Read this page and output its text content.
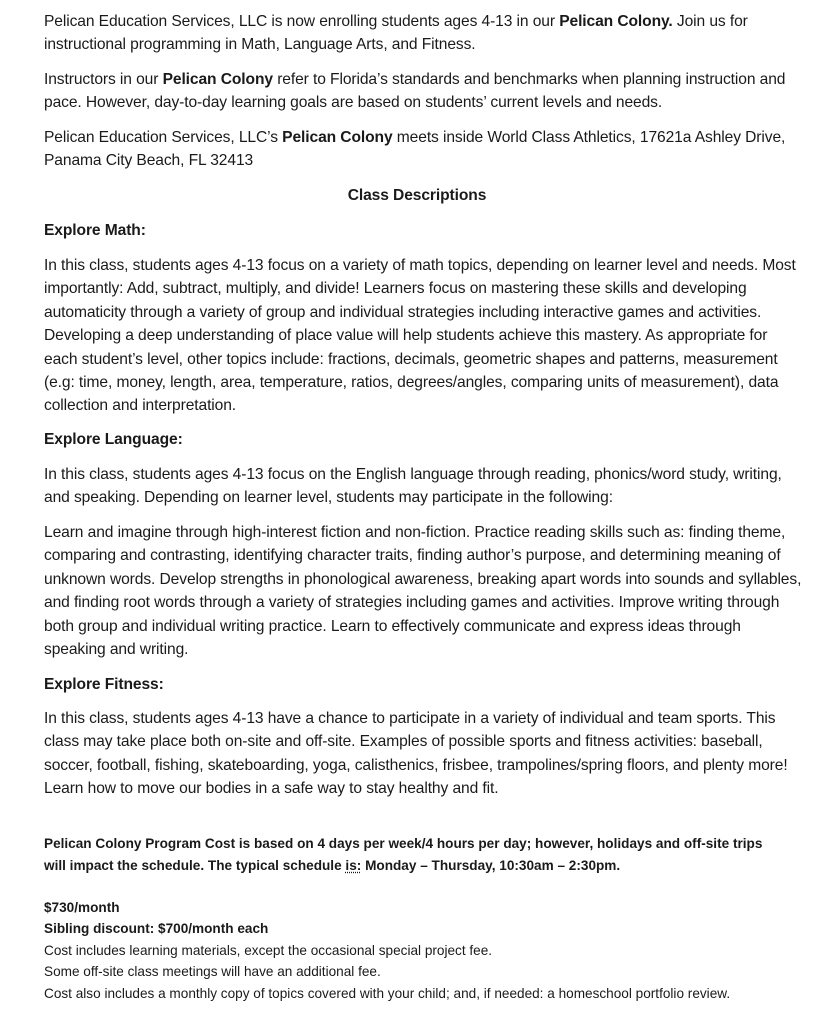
Pelican Education Services, LLC is now enrolling students ages 4-13 in our Pelican Colony. Join us for instructional programming in Math, Language Arts, and Fitness.

Instructors in our Pelican Colony refer to Florida’s standards and benchmarks when planning instruction and pace. However, day-to-day learning goals are based on students’ current levels and needs.

Pelican Education Services, LLC’s Pelican Colony meets inside World Class Athletics, 17621a Ashley Drive, Panama City Beach, FL 32413

Class Descriptions

Explore Math:

In this class, students ages 4-13 focus on a variety of math topics, depending on learner level and needs. Most importantly: Add, subtract, multiply, and divide! Learners focus on mastering these skills and developing automaticity through a variety of group and individual strategies including interactive games and activities. Developing a deep understanding of place value will help students achieve this mastery. As appropriate for each student’s level, other topics include: fractions, decimals, geometric shapes and patterns, measurement (e.g: time, money, length, area, temperature, ratios, degrees/angles, comparing units of measurement), data collection and interpretation.

Explore Language:

In this class, students ages 4-13 focus on the English language through reading, phonics/word study, writing, and speaking. Depending on learner level, students may participate in the following:

Learn and imagine through high-interest fiction and non-fiction. Practice reading skills such as: finding theme, comparing and contrasting, identifying character traits, finding author’s purpose, and determining meaning of unknown words. Develop strengths in phonological awareness, breaking apart words into sounds and syllables, and finding root words through a variety of strategies including games and activities. Improve writing through both group and individual writing practice. Learn to effectively communicate and express ideas through speaking and writing.

Explore Fitness:

In this class, students ages 4-13 have a chance to participate in a variety of individual and team sports. This class may take place both on-site and off-site. Examples of possible sports and fitness activities: baseball, soccer, football, fishing, skateboarding, yoga, calisthenics, frisbee, trampolines/spring floors, and plenty more! Learn how to move our bodies in a safe way to stay healthy and fit.

Pelican Colony Program Cost is based on 4 days per week/4 hours per day; however, holidays and off-site trips will impact the schedule. The typical schedule is: Monday – Thursday, 10:30am – 2:30pm.

$730/month

Sibling discount: $700/month each

Cost includes learning materials, except the occasional special project fee.

Some off-site class meetings will have an additional fee.

Cost also includes a monthly copy of topics covered with your child; and, if needed: a homeschool portfolio review.
